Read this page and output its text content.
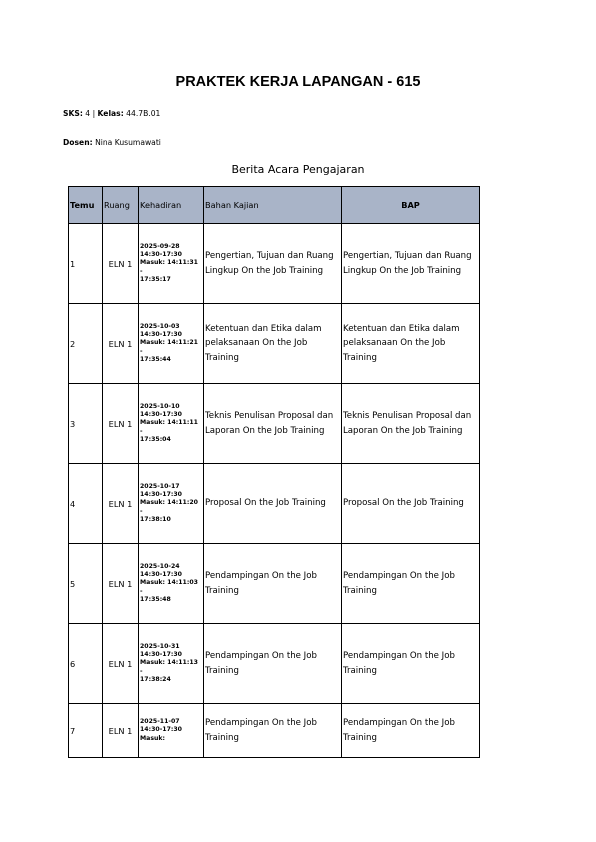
PRAKTEK KERJA LAPANGAN - 615
SKS: 4 | Kelas: 44.7B.01
Dosen: Nina Kusumawati
Berita Acara Pengajaran
Temu	Ruang	Kehadiran	Bahan Kajian	BAP
1	ELN 1	2025-09-28
14:30-17:30
Masuk: 14:11:31
-
17:35:17	Pengertian, Tujuan dan Ruang Lingkup On the Job Training	Pengertian, Tujuan dan Ruang Lingkup On the Job Training
2	ELN 1	2025-10-03
14:30-17:30
Masuk: 14:11:21
-
17:35:44	Ketentuan dan Etika dalam pelaksanaan On the Job Training	Ketentuan dan Etika dalam pelaksanaan On the Job Training
3	ELN 1	2025-10-10
14:30-17:30
Masuk: 14:11:11
-
17:35:04	Teknis Penulisan Proposal dan Laporan On the Job Training	Teknis Penulisan Proposal dan Laporan On the Job Training
4	ELN 1	2025-10-17
14:30-17:30
Masuk: 14:11:20
-
17:38:10	Proposal On the Job Training	Proposal On the Job Training
5	ELN 1	2025-10-24
14:30-17:30
Masuk: 14:11:03
-
17:35:48	Pendampingan On the Job Training	Pendampingan On the Job Training
6	ELN 1	2025-10-31
14:30-17:30
Masuk: 14:11:13
-
17:38:24	Pendampingan On the Job Training	Pendampingan On the Job Training
7	ELN 1	2025-11-07
14:30-17:30
Masuk:	Pendampingan On the Job Training	Pendampingan On the Job Training
